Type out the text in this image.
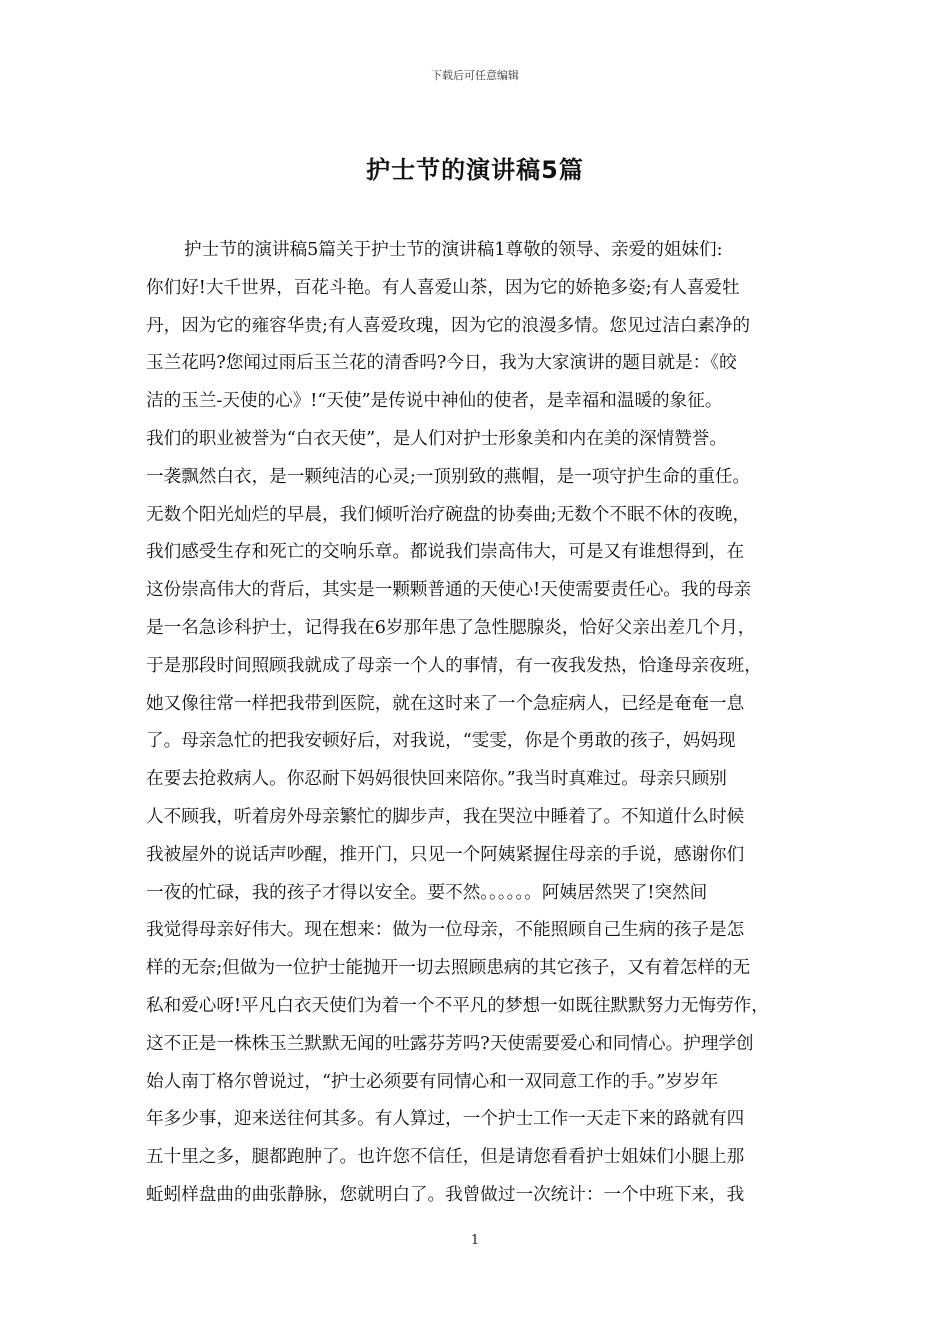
下载后可任意编辑
护士节的演讲稿5篇
护士节的演讲稿5篇关于护士节的演讲稿1尊敬的领导、亲爱的姐妹们:
你们好!大千世界，百花斗艳。有人喜爱山茶，因为它的娇艳多姿;有人喜爱牡
丹，因为它的雍容华贵;有人喜爱玫瑰，因为它的浪漫多情。您见过洁白素净的
玉兰花吗?您闻过雨后玉兰花的清香吗?今日，我为大家演讲的题目就是：《皎
洁的玉兰-天使的心》!“天使”是传说中神仙的使者，是幸福和温暖的象征。
我们的职业被誉为“白衣天使”，是人们对护士形象美和内在美的深情赞誉。
一袭飘然白衣，是一颗纯洁的心灵;一顶别致的燕帽，是一项守护生命的重任。
无数个阳光灿烂的早晨，我们倾听治疗碗盘的协奏曲;无数个不眠不休的夜晚，
我们感受生存和死亡的交响乐章。都说我们崇高伟大，可是又有谁想得到，在
这份崇高伟大的背后，其实是一颗颗普通的天使心!天使需要责任心。我的母亲
是一名急诊科护士，记得我在6岁那年患了急性腮腺炎，恰好父亲出差几个月，
于是那段时间照顾我就成了母亲一个人的事情，有一夜我发热，恰逢母亲夜班，
她又像往常一样把我带到医院，就在这时来了一个急症病人，已经是奄奄一息
了。母亲急忙的把我安顿好后，对我说，“雯雯，你是个勇敢的孩子，妈妈现
在要去抢救病人。你忍耐下妈妈很快回来陪你。”我当时真难过。母亲只顾别
人不顾我，听着房外母亲繁忙的脚步声，我在哭泣中睡着了。不知道什么时候
我被屋外的说话声吵醒，推开门，只见一个阿姨紧握住母亲的手说，感谢你们
一夜的忙碌，我的孩子才得以安全。要不然。。。。。。阿姨居然哭了!突然间
我觉得母亲好伟大。现在想来：做为一位母亲，不能照顾自己生病的孩子是怎
样的无奈;但做为一位护士能抛开一切去照顾患病的其它孩子，又有着怎样的无
私和爱心呀!平凡白衣天使们为着一个不平凡的梦想一如既往默默努力无悔劳作，
这不正是一株株玉兰默默无闻的吐露芬芳吗?天使需要爱心和同情心。护理学创
始人南丁格尔曾说过，“护士必须要有同情心和一双同意工作的手。”岁岁年
年多少事，迎来送往何其多。有人算过，一个护士工作一天走下来的路就有四
五十里之多，腿都跑肿了。也许您不信任，但是请您看看护士姐妹们小腿上那
蚯蚓样盘曲的曲张静脉，您就明白了。我曾做过一次统计：一个中班下来，我
1
